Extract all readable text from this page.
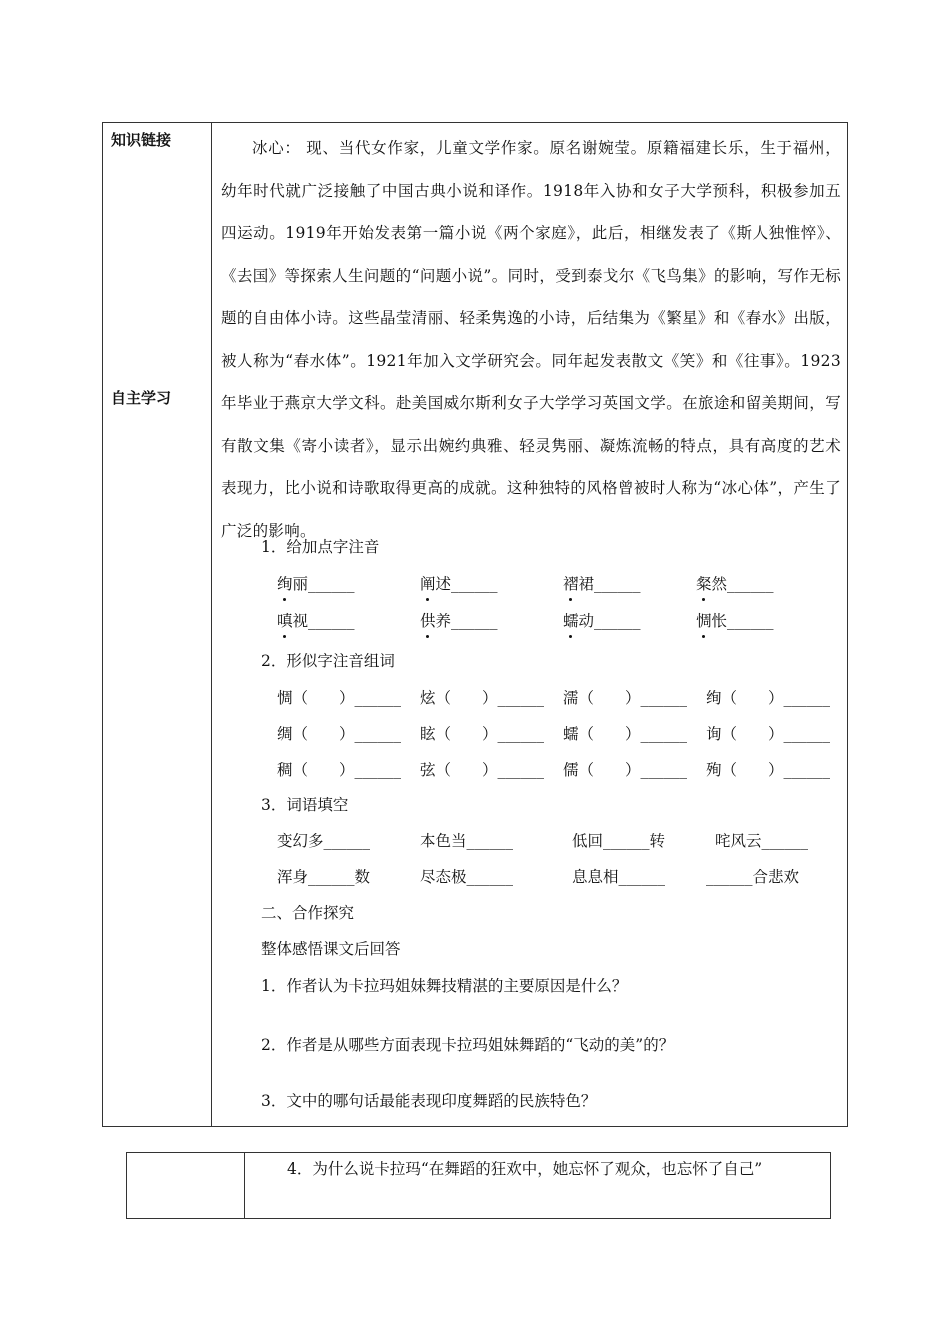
知识链接
自主学习

冰心： 现、当代女作家，儿童文学作家。原名谢婉莹。原籍福建长乐，生于福州，幼年时代就广泛接触了中国古典小说和译作。1918年入协和女子大学预科，积极参加五四运动。1919年开始发表第一篇小说《两个家庭》，此后，相继发表了《斯人独惟悴》、《去国》等探索人生问题的“问题小说”。同时，受到泰戈尔《飞鸟集》的影响，写作无标题的自由体小诗。这些晶莹清丽、轻柔隽逸的小诗，后结集为《繁星》和《春水》出版，被人称为“春水体”。1921年加入文学研究会。同年起发表散文《笑》和《往事》。1923年毕业于燕京大学文科。赴美国威尔斯利女子大学学习英国文学。在旅途和留美期间，写有散文集《寄小读者》，显示出婉约典雅、轻灵隽丽、凝炼流畅的特点，具有高度的艺术表现力，比小说和诗歌取得更高的成就。这种独特的风格曾被时人称为“冰心体”，产生了广泛的影响。

1．给加点字注音
绚丽______	阐述______	褶裙______	粲然______
嗔视______	供养______	蠕动______	惆怅______
2．形似字注音组词
惆（　　）______ 炫（　　）______ 濡（　　）______ 绚（　　）______
绸（　　）______ 眩（　　）______ 蠕（　　）______ 询（　　）______
稠（　　）______ 弦（　　）______ 儒（　　）______ 殉（　　）______
3．词语填空
变幻多______	本色当______	低回______转	咤风云______
浑身______数	尽态极______	息息相______	______合悲欢
二、合作探究
整体感悟课文后回答
1．作者认为卡拉玛姐妹舞技精湛的主要原因是什么？
2．作者是从哪些方面表现卡拉玛姐妹舞蹈的“飞动的美”的？
3．文中的哪句话最能表现印度舞蹈的民族特色？
4．为什么说卡拉玛“在舞蹈的狂欢中，她忘怀了观众，也忘怀了自己”
